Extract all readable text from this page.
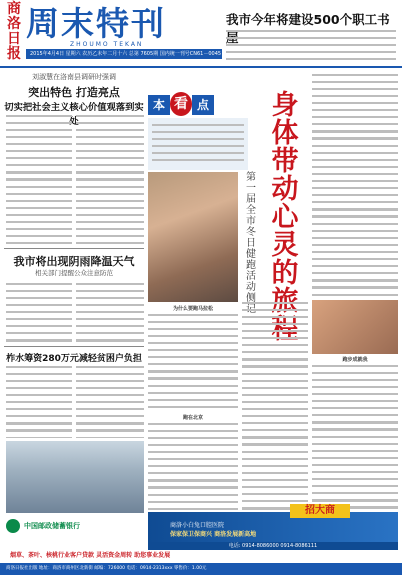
商洛日报
周末特刊
ZHOUMO TEKAN
我市今年将建设500个职工书屋
2015年4月4日 星期六 农历乙未年二月十六 总第 7605期 国内统一刊号CN61－0045
刘淑慧在洛南县调研时强调
突出特色 打造亮点
切实把社会主义核心价值观落到实处
我市将出现阴雨降温天气
相关部门提醒公众注意防范
柞水筹资280万元减轻贫困户负担
本 看 点 身体带动心灵的旅程
第一届全市冬日健跑活动侧记
为什么要跑马拉松
跑在北京
跑步成就我
招大商
商洛小白兔口腔医院
保家保卫保商兴 商洛发展新高地
电话: 0914-8086000 0914-8086111
中国邮政储蓄银行
烟草、茶叶、核桃行业客户贷款 灵活资金周转 助您事业发展
商洛日报社出版 地址：商洛市商州区北新街 邮编：726000 电话：0914-2313xxx 零售价：1.00元
